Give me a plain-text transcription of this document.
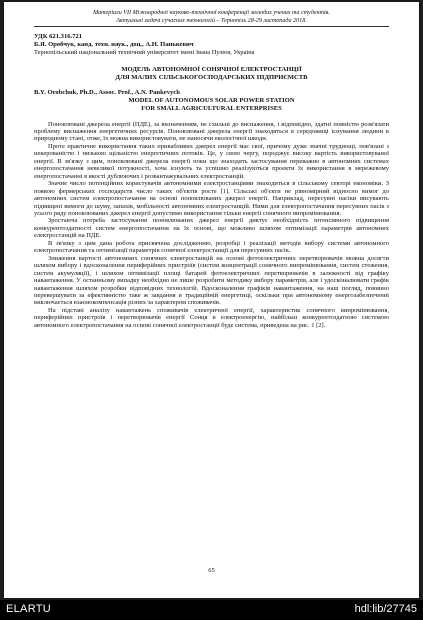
Матеріали VII Міжнародної науково-технічної конференції молодих учених та студентів.
Актуальні задачі сучасних технологій – Тернопіль 28-29 листопада 2018.
УДК 621.316.721
Б.Я. Оробчук, канд. техн. наук., доц., А.Н. Панькевич
Тернопільський національний технічний університет імені Івана Пулюя, Україна
МОДЕЛЬ АВТОНОМНОЇ СОНЯЧНОЇ ЕЛЕКТРОСТАНЦІЇ
ДЛЯ МАЛИХ СІЛЬСЬКОГОСПОДАРСЬКИХ ПІДПРИЄМСТВ
B.Y. Orobchuk, Ph.D., Assoc. Prof., A.N. Pankevych
MODEL OF AUTONOMOUS SOLAR POWER STATION
FOR SMALL AGRICULTURAL ENTERPRISES

Поновлювані джерела енергії (ПДЕ), за визначенням, не схильні до виснаження, і відповідно, здатні повністю розв'язати проблему виснаження енергетичних ресурсів. Поновлювані джерела енергії знаходяться в середовищі існування людини в природному стані, отже, їх можна використовувати, не наносячи екологічної шкоди.

Проте практичне використання таких привабливих джерел енергії має свої, причому дуже значні труднощі, пов'язані з некерованістю і низькою щільністю енергетичних потоків. Це, у свою чергу, породжує високу вартість використовуваної енергії. В зв'язку з цим, поновлювані джерела енергії поки що знаходять застосування переважно в автономних системах енергопостачання невеликої потужності, хоча існують та успішно реалізуються проекти їх використання в мережевому енергопостачанні в якості дублюючих і розвантажувальних електростанцій.

Значне число потенційних користувачів автономними електростанціями знаходиться в сільському секторі економіки. З появою фермерських господарств число таких об'єктів росте [1]. Сільські об'єкти не рівномірний відносно вимог до автономних систем електропостачання на основі поновлюваних джерел енергії. Наприклад, пересувні пасіки висувають підвищені вимоги до шуму, запахів, мобільності автономних електростанцій. Ними для електропостачання пересувних пасік з усього ряду поновлюваних джерел енергії допустимо використання тільки енергії сонячного випромінювання.

Зростаюча потреба застосування поновлюваних джерел енергії диктує необхідність інтенсивного підвищення конкурентоздатності систем енергопостачання на їх основі, що можливо шляхом оптимізації параметрів автономних електростанцій на ПДЕ.

В зв'язку з цим дана робота присвячена дослідженню, розробці і реалізації методів вибору системи автономного електропостачання та оптимізації параметрів сонячної електростанції для пересувних пасік.

Зниження вартості автономних сонячних електростанцій на основі фотоелектричних перетворювачів можна досягти шляхом вибору і вдосконалення периферійних пристроїв (систем концентрації сонячного випромінювання, систем стеження, систем акумуляції), і шляхом оптимізації площі батарей фотоелектричних перетворювачів в залежності від графіку навантаження. У останньому випадку необхідно не лише розробити методику вибору параметрів, але і удосконалювати графік навантаження шляхом розробки відповідних технологій. Вдосконалення графіків навантаження, на наш погляд, повинно перевершувати за ефективністю таке ж завдання в традиційній енергетиці, оскільки при автономному енергозабезпеченні виключається взаємокомпенсація різних за характером споживачів.

На підставі аналізу навантажень споживачів електричної енергії, характеристик сонячного випромінювання, периферійних пристроїв і перетворювачів енергії Сонця в електроенергію, найбільш конкурентоздатною системою автономного електропостачання на основі сонячної електростанції буде система, приведена на рис. 1 [2].

65
ELARTU	hdl:lib/27745
